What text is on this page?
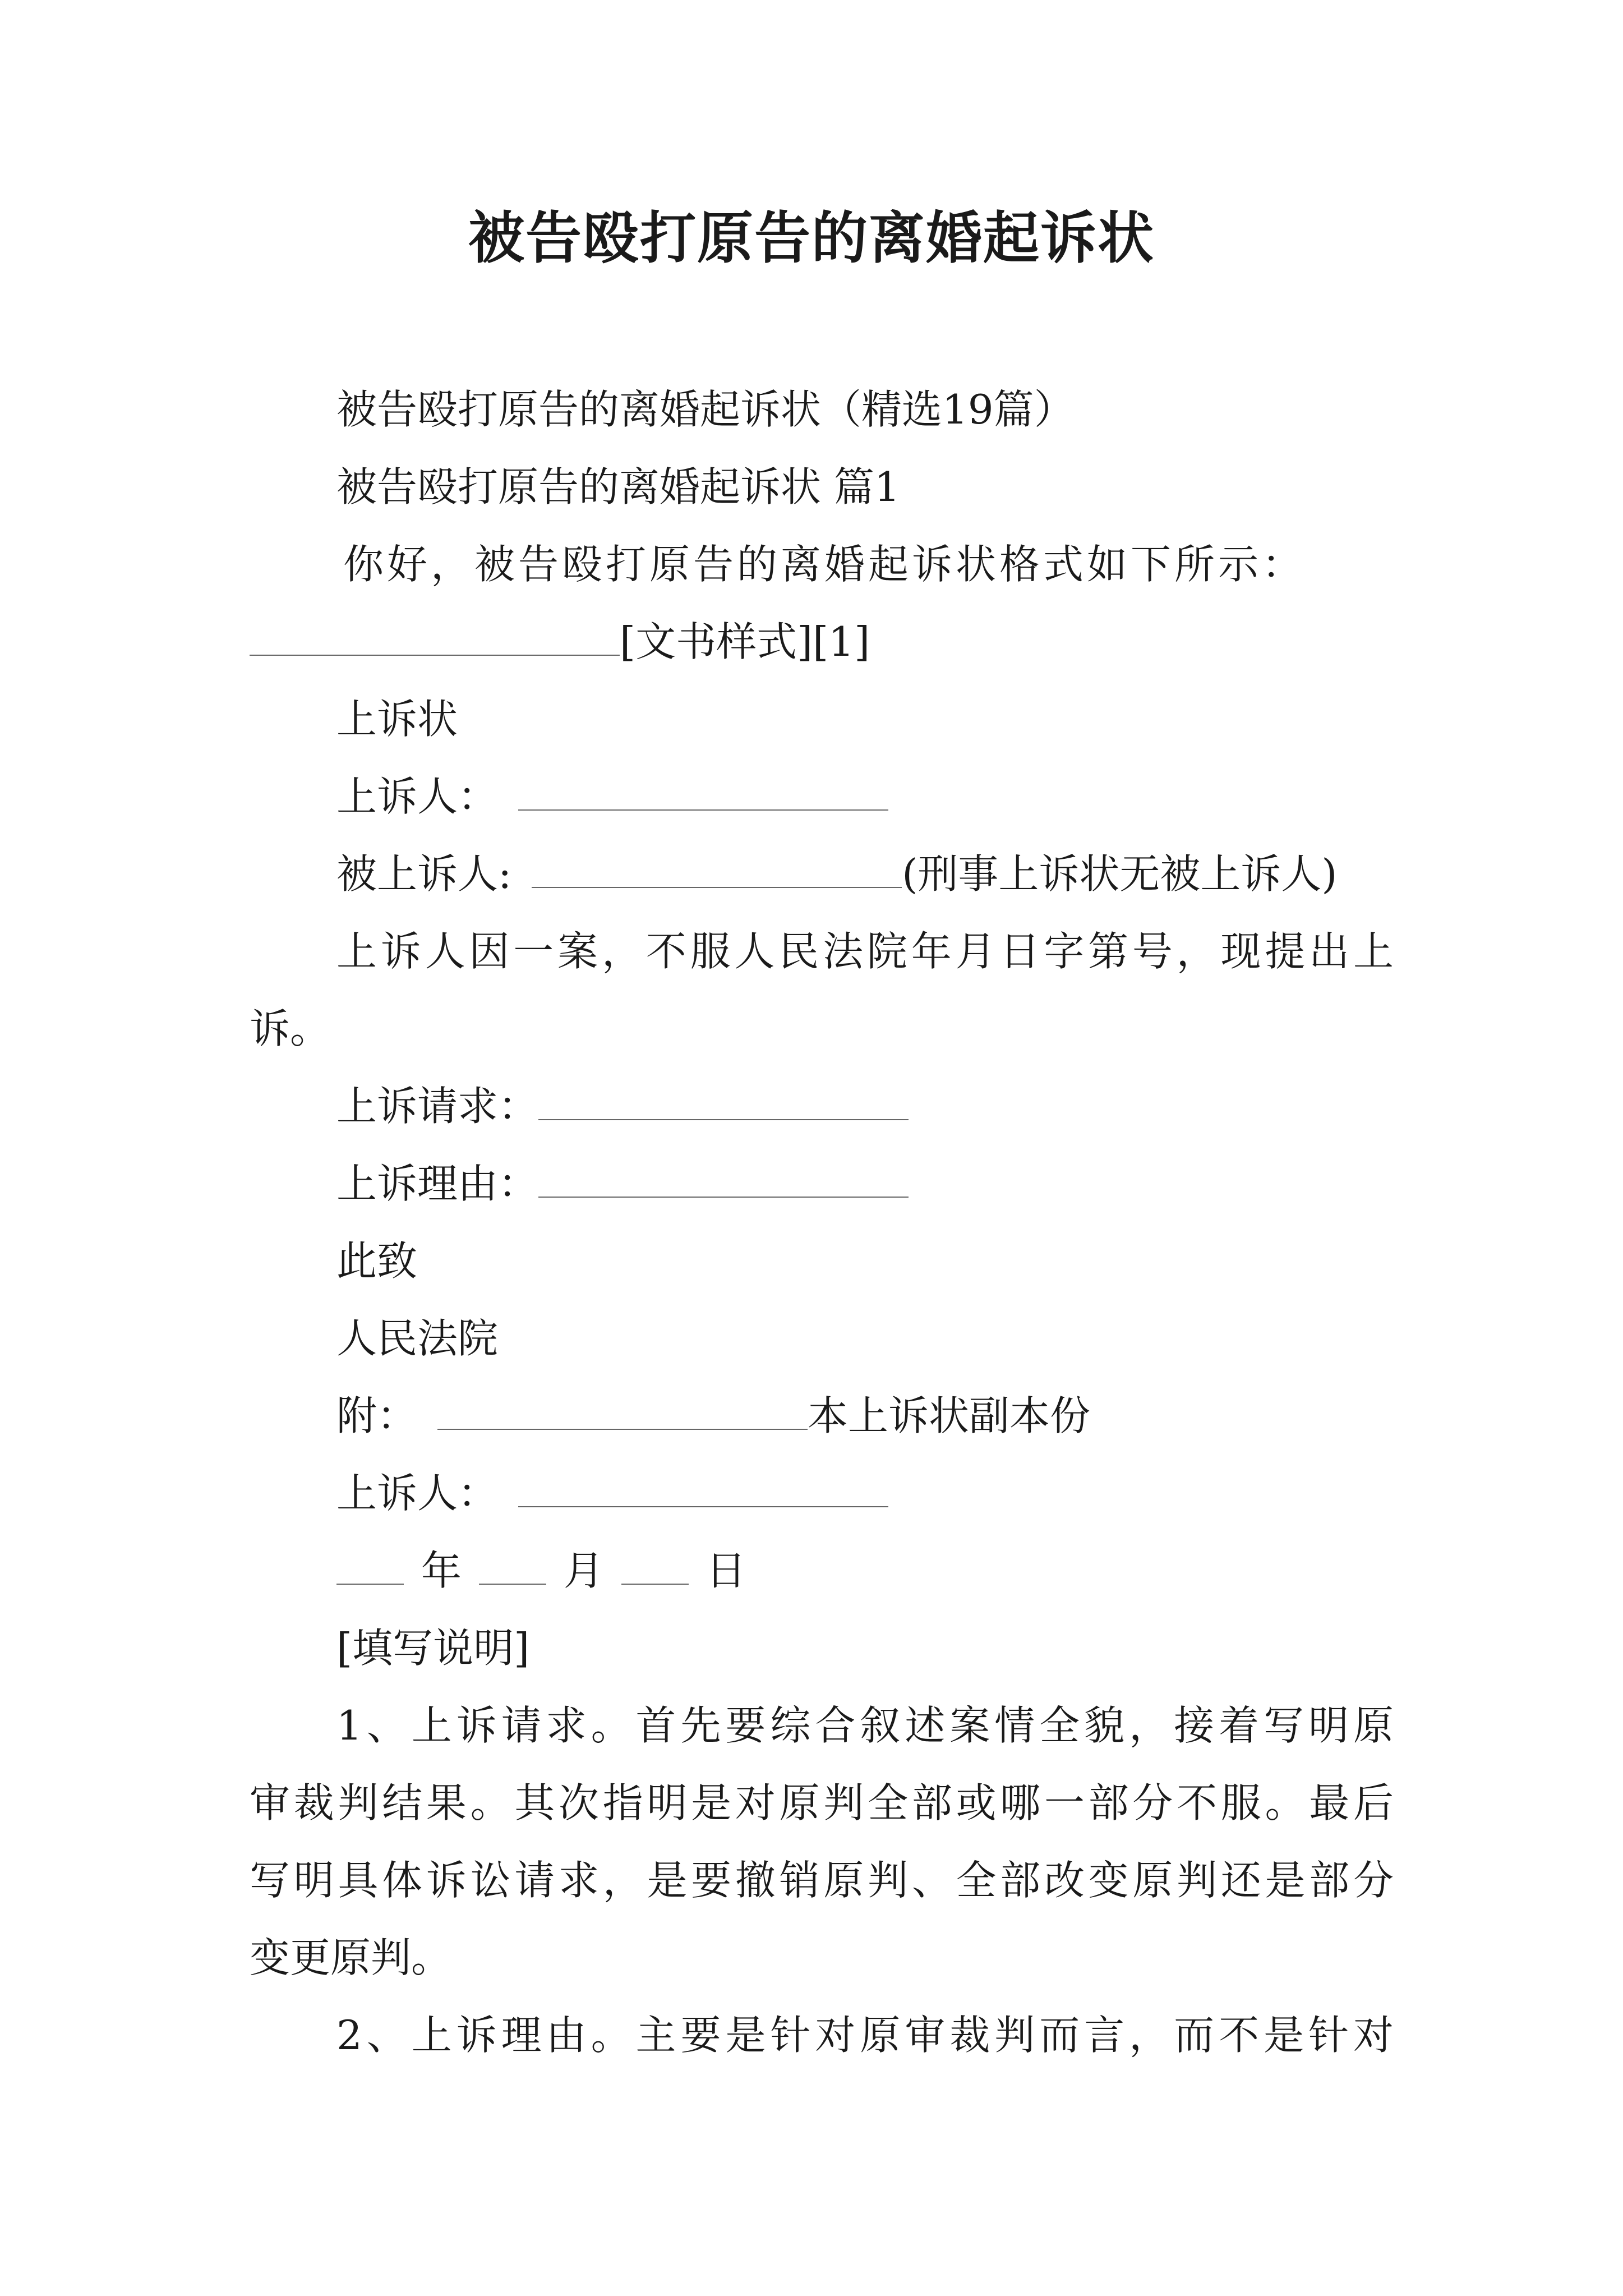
被告殴打原告的离婚起诉状
被告殴打原告的离婚起诉状（精选19篇）
被告殴打原告的离婚起诉状 篇1
你好，被告殴打原告的离婚起诉状格式如下所示：
[文书样式][1]
上诉状
上诉人：
被上诉人:	(刑事上诉状无被上诉人)
上诉人因一案，不服人民法院年月日字第号，现提出上
诉。
上诉请求：
上诉理由：
此致
人民法院
附：	本上诉状副本份
上诉人：
年	月	日
[填写说明]
1、上诉请求。首先要综合叙述案情全貌，接着写明原
审裁判结果。其次指明是对原判全部或哪一部分不服。最后
写明具体诉讼请求，是要撤销原判、全部改变原判还是部分
变更原判。
2、上诉理由。主要是针对原审裁判而言，而不是针对
